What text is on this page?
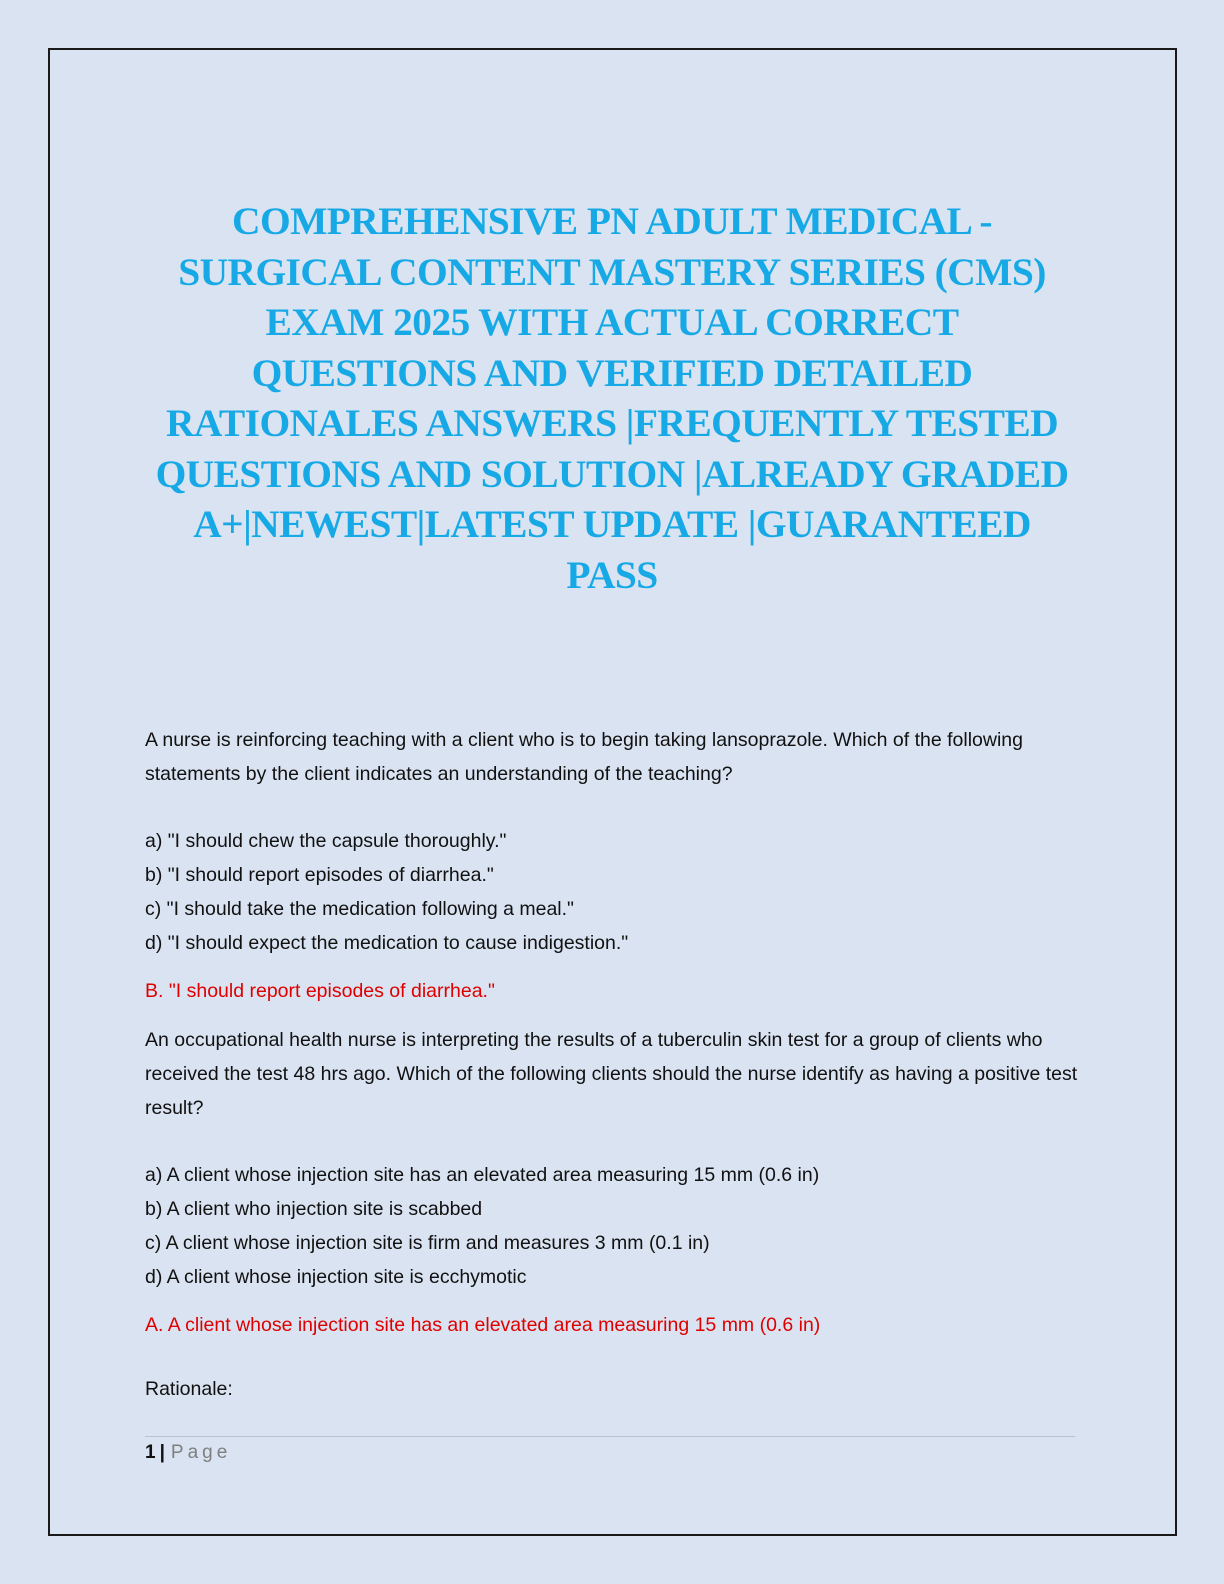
COMPREHENSIVE PN ADULT MEDICAL - SURGICAL CONTENT MASTERY SERIES (CMS) EXAM 2025 WITH ACTUAL CORRECT QUESTIONS AND VERIFIED DETAILED RATIONALES ANSWERS |FREQUENTLY TESTED QUESTIONS AND SOLUTION |ALREADY GRADED A+|NEWEST|LATEST UPDATE |GUARANTEED PASS

A nurse is reinforcing teaching with a client who is to begin taking lansoprazole. Which of the following statements by the client indicates an understanding of the teaching?

a) "I should chew the capsule thoroughly."
b) "I should report episodes of diarrhea."
c) "I should take the medication following a meal."
d) "I should expect the medication to cause indigestion."

B. "I should report episodes of diarrhea."

An occupational health nurse is interpreting the results of a tuberculin skin test for a group of clients who received the test 48 hrs ago. Which of the following clients should the nurse identify as having a positive test result?

a) A client whose injection site has an elevated area measuring 15 mm (0.6 in)
b) A client who injection site is scabbed
c) A client whose injection site is firm and measures 3 mm (0.1 in)
d) A client whose injection site is ecchymotic

A. A client whose injection site has an elevated area measuring 15 mm (0.6 in)

Rationale:

1 | Page
